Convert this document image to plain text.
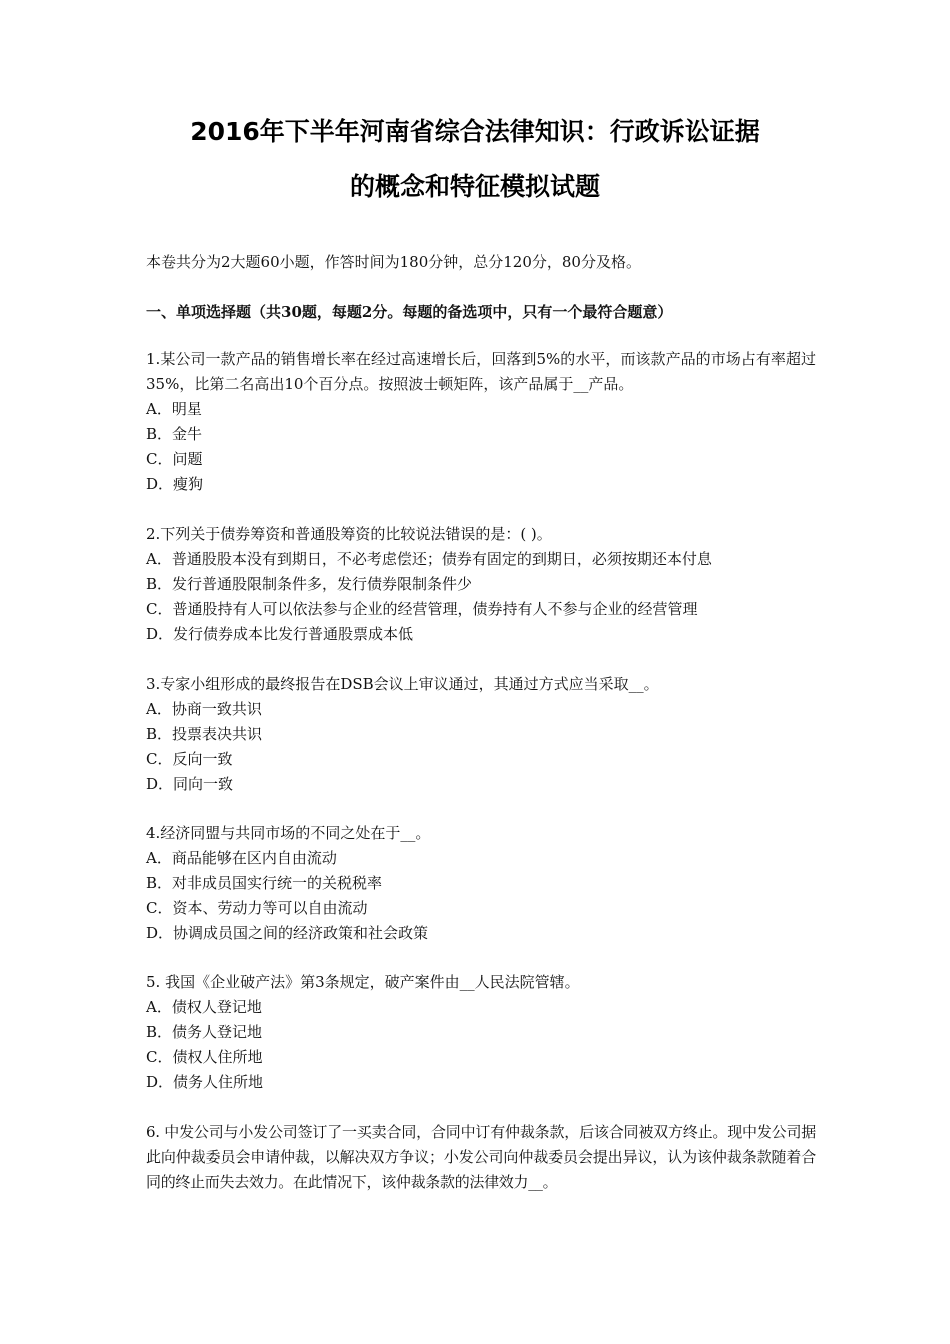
2016年下半年河南省综合法律知识：行政诉讼证据
的概念和特征模拟试题
本卷共分为2大题60小题，作答时间为180分钟，总分120分，80分及格。
一、单项选择题（共30题，每题2分。每题的备选项中，只有一个最符合题意）

1.某公司一款产品的销售增长率在经过高速增长后，回落到5%的水平，而该款产品的市场占有率超过35%，比第二名高出10个百分点。按照波士顿矩阵，该产品属于__产品。

A．明星

B．金牛

C．问题

D．瘦狗

2.下列关于债券筹资和普通股筹资的比较说法错误的是：( )。

A．普通股股本没有到期日，不必考虑偿还；债券有固定的到期日，必须按期还本付息

B．发行普通股限制条件多，发行债券限制条件少

C．普通股持有人可以依法参与企业的经营管理，债券持有人不参与企业的经营管理

D．发行债券成本比发行普通股票成本低

3.专家小组形成的最终报告在DSB会议上审议通过，其通过方式应当采取__。

A．协商一致共识

B．投票表决共识

C．反向一致

D．同向一致

4.经济同盟与共同市场的不同之处在于__。

A．商品能够在区内自由流动

B．对非成员国实行统一的关税税率

C．资本、劳动力等可以自由流动

D．协调成员国之间的经济政策和社会政策

5. 我国《企业破产法》第3条规定，破产案件由__人民法院管辖。

A．债权人登记地

B．债务人登记地

C．债权人住所地

D．债务人住所地

6. 中发公司与小发公司签订了一买卖合同，合同中订有仲裁条款，后该合同被双方终止。现中发公司据此向仲裁委员会申请仲裁，以解决双方争议；小发公司向仲裁委员会提出异议，认为该仲裁条款随着合同的终止而失去效力。在此情况下，该仲裁条款的法律效力__。
